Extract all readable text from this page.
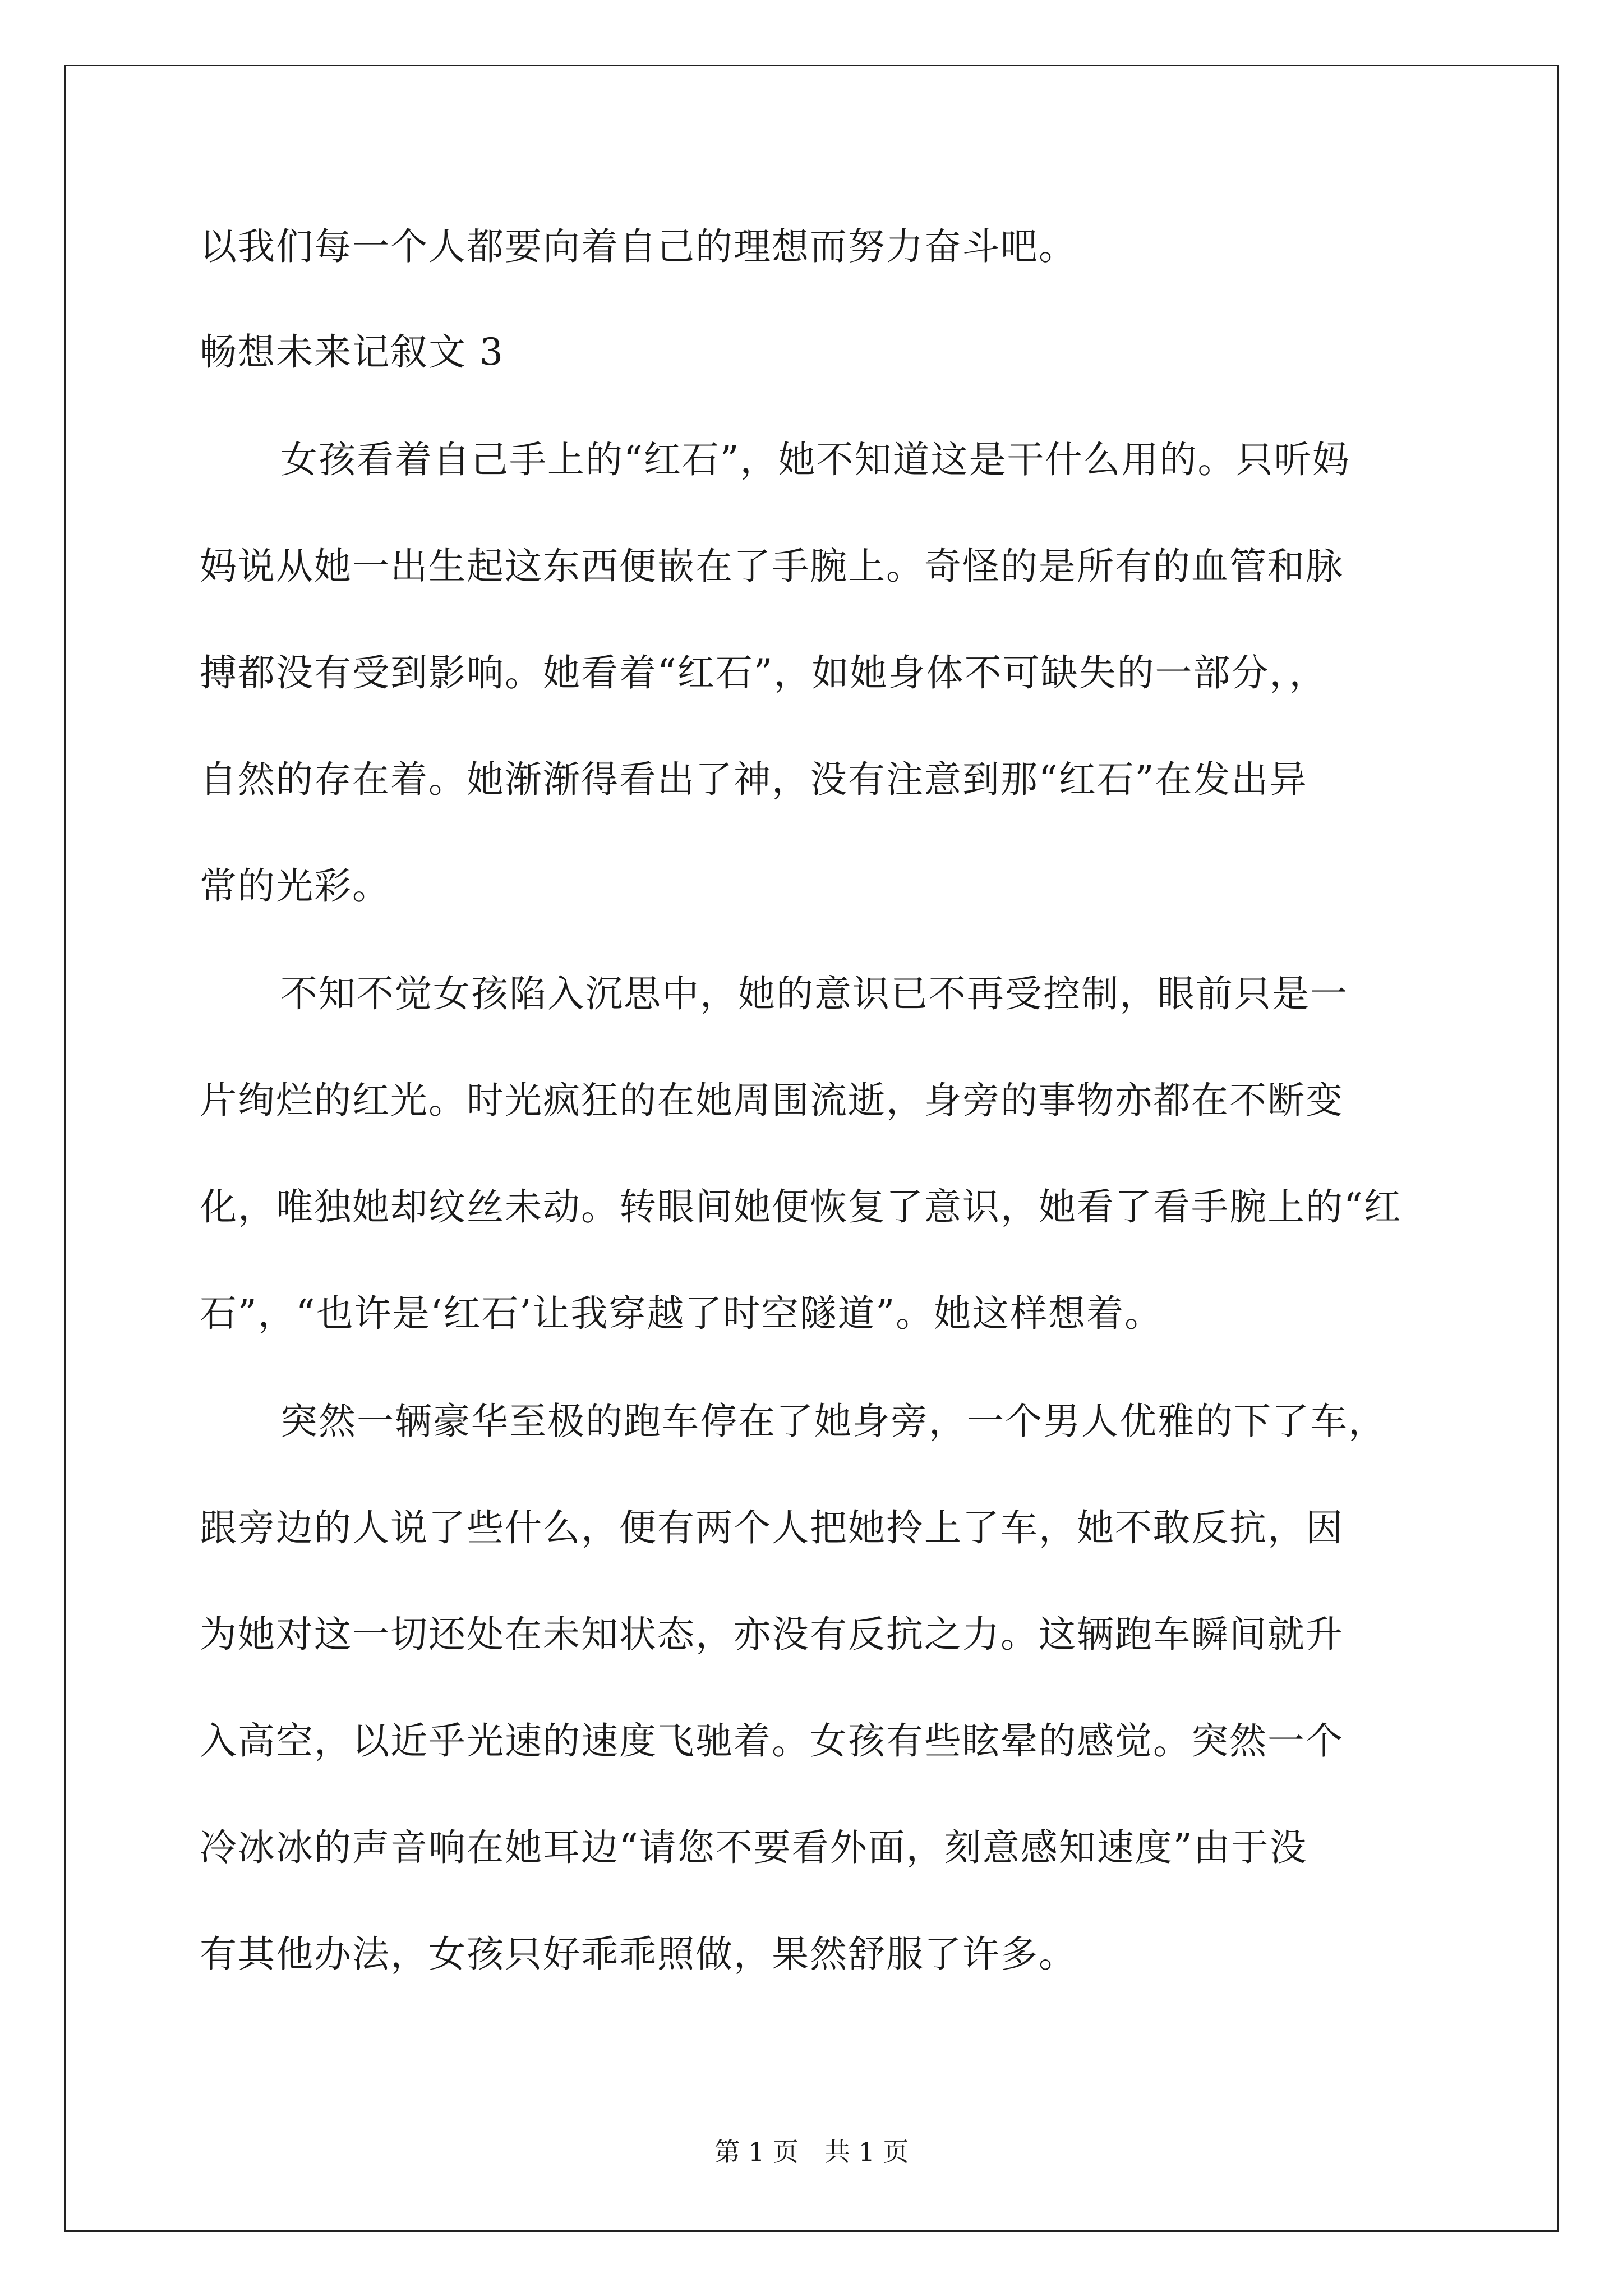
以我们每一个人都要向着自己的理想而努力奋斗吧。
畅想未来记叙文 3
女孩看着自己手上的“红石”，她不知道这是干什么用的。只听妈
妈说从她一出生起这东西便嵌在了手腕上。奇怪的是所有的血管和脉
搏都没有受到影响。她看着“红石”，如她身体不可缺失的一部分，，
自然的存在着。她渐渐得看出了神，没有注意到那“红石”在发出异
常的光彩。
不知不觉女孩陷入沉思中，她的意识已不再受控制，眼前只是一
片绚烂的红光。时光疯狂的在她周围流逝，身旁的事物亦都在不断变
化，唯独她却纹丝未动。转眼间她便恢复了意识，她看了看手腕上的“红
石”，“也许是‘红石’让我穿越了时空隧道”。她这样想着。
突然一辆豪华至极的跑车停在了她身旁，一个男人优雅的下了车，
跟旁边的人说了些什么，便有两个人把她拎上了车，她不敢反抗，因
为她对这一切还处在未知状态，亦没有反抗之力。这辆跑车瞬间就升
入高空，以近乎光速的速度飞驰着。女孩有些眩晕的感觉。突然一个
冷冰冰的声音响在她耳边“请您不要看外面，刻意感知速度”由于没
有其他办法，女孩只好乖乖照做，果然舒服了许多。
第 1 页　共 1 页
